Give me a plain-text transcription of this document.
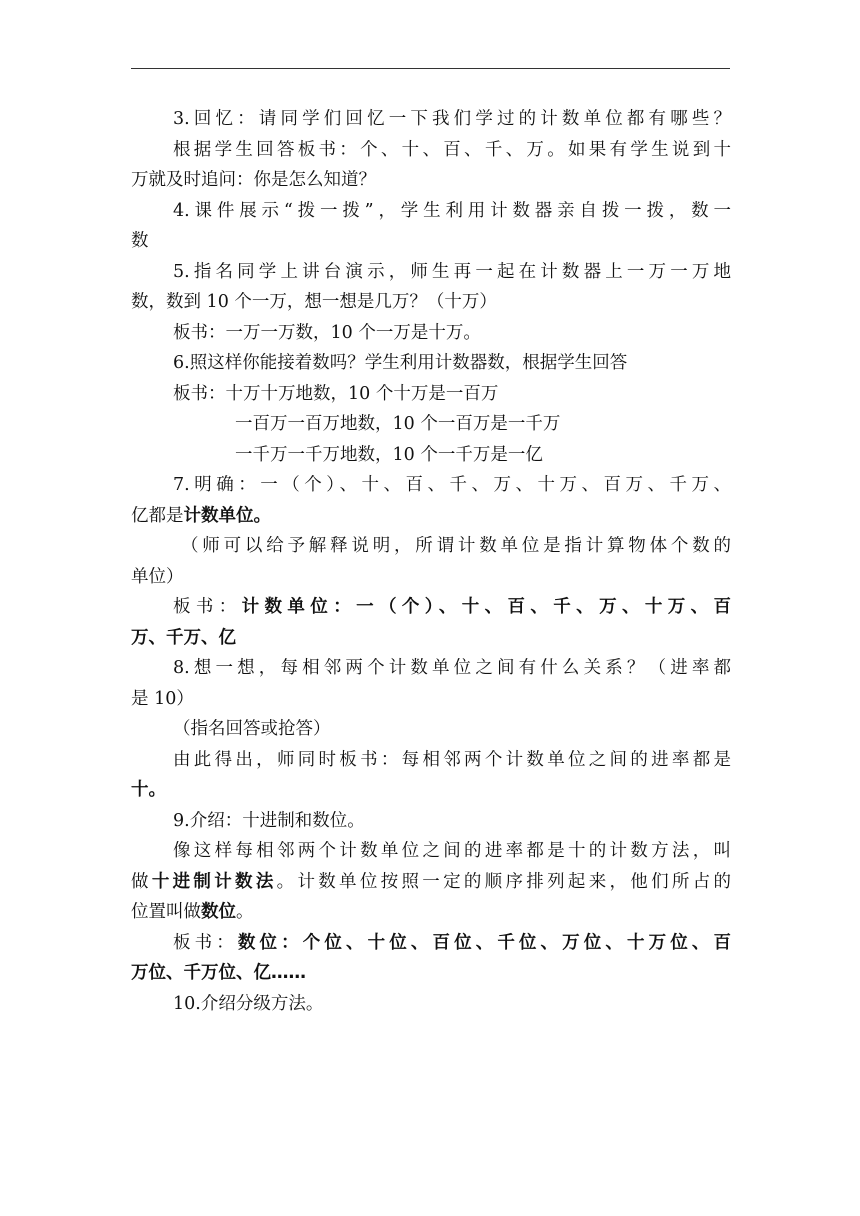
3.回忆：请同学们回忆一下我们学过的计数单位都有哪些？
根据学生回答板书：个、十、百、千、万。如果有学生说到十
万就及时追问：你是怎么知道？
4.课件展示“拨一拨”，学生利用计数器亲自拨一拨，数一
数
5.指名同学上讲台演示，师生再一起在计数器上一万一万地
数，数到 10 个一万，想一想是几万？（十万）
板书：一万一万数，10 个一万是十万。
6.照这样你能接着数吗？学生利用计数器数，根据学生回答
板书：十万十万地数，10 个十万是一百万
一百万一百万地数，10 个一百万是一千万
一千万一千万地数，10 个一千万是一亿
7.明确：一（个）、十、百、千、万、十万、百万、千万、
亿都是计数单位。
（师可以给予解释说明，所谓计数单位是指计算物体个数的
单位）
板书：计数单位：一（个）、十、百、千、万、十万、百
万、千万、亿
8.想一想，每相邻两个计数单位之间有什么关系？（进率都
是 10）
（指名回答或抢答）
由此得出，师同时板书：每相邻两个计数单位之间的进率都是
十。
9.介绍：十进制和数位。
像这样每相邻两个计数单位之间的进率都是十的计数方法，叫
做十进制计数法。计数单位按照一定的顺序排列起来，他们所占的
位置叫做数位。
板书：数位：个位、十位、百位、千位、万位、十万位、百
万位、千万位、亿……
10.介绍分级方法。
